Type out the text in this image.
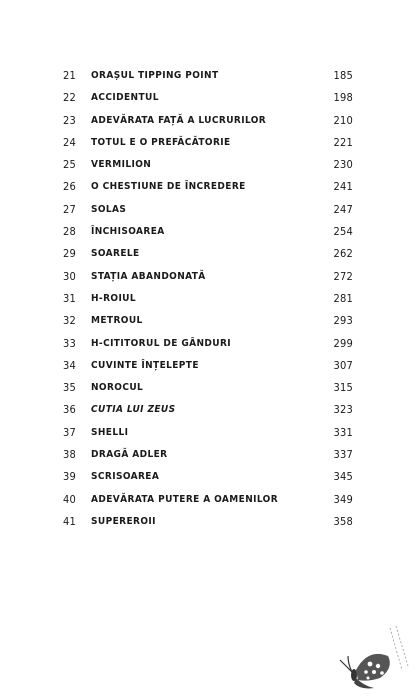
21	ORAȘUL TIPPING POINT	185
22	ACCIDENTUL	198
23	ADEVĂRATA FAȚĂ A LUCRURILOR	210
24	TOTUL E O PREFĂCĂTORIE	221
25	VERMILION	230
26	O CHESTIUNE DE ÎNCREDERE	241
27	SOLAS	247
28	ÎNCHISOAREA	254
29	SOARELE	262
30	STAȚIA ABANDONATĂ	272
31	H-ROIUL	281
32	METROUL	293
33	H-CITITORUL DE GÂNDURI	299
34	CUVINTE ÎNȚELEPTE	307
35	NOROCUL	315
36	CUTIA LUI ZEUS	323
37	SHELLI	331
38	DRAGĂ ADLER	337
39	SCRISOAREA	345
40	ADEVĂRATA PUTERE A OAMENILOR	349
41	SUPEREROII	358
